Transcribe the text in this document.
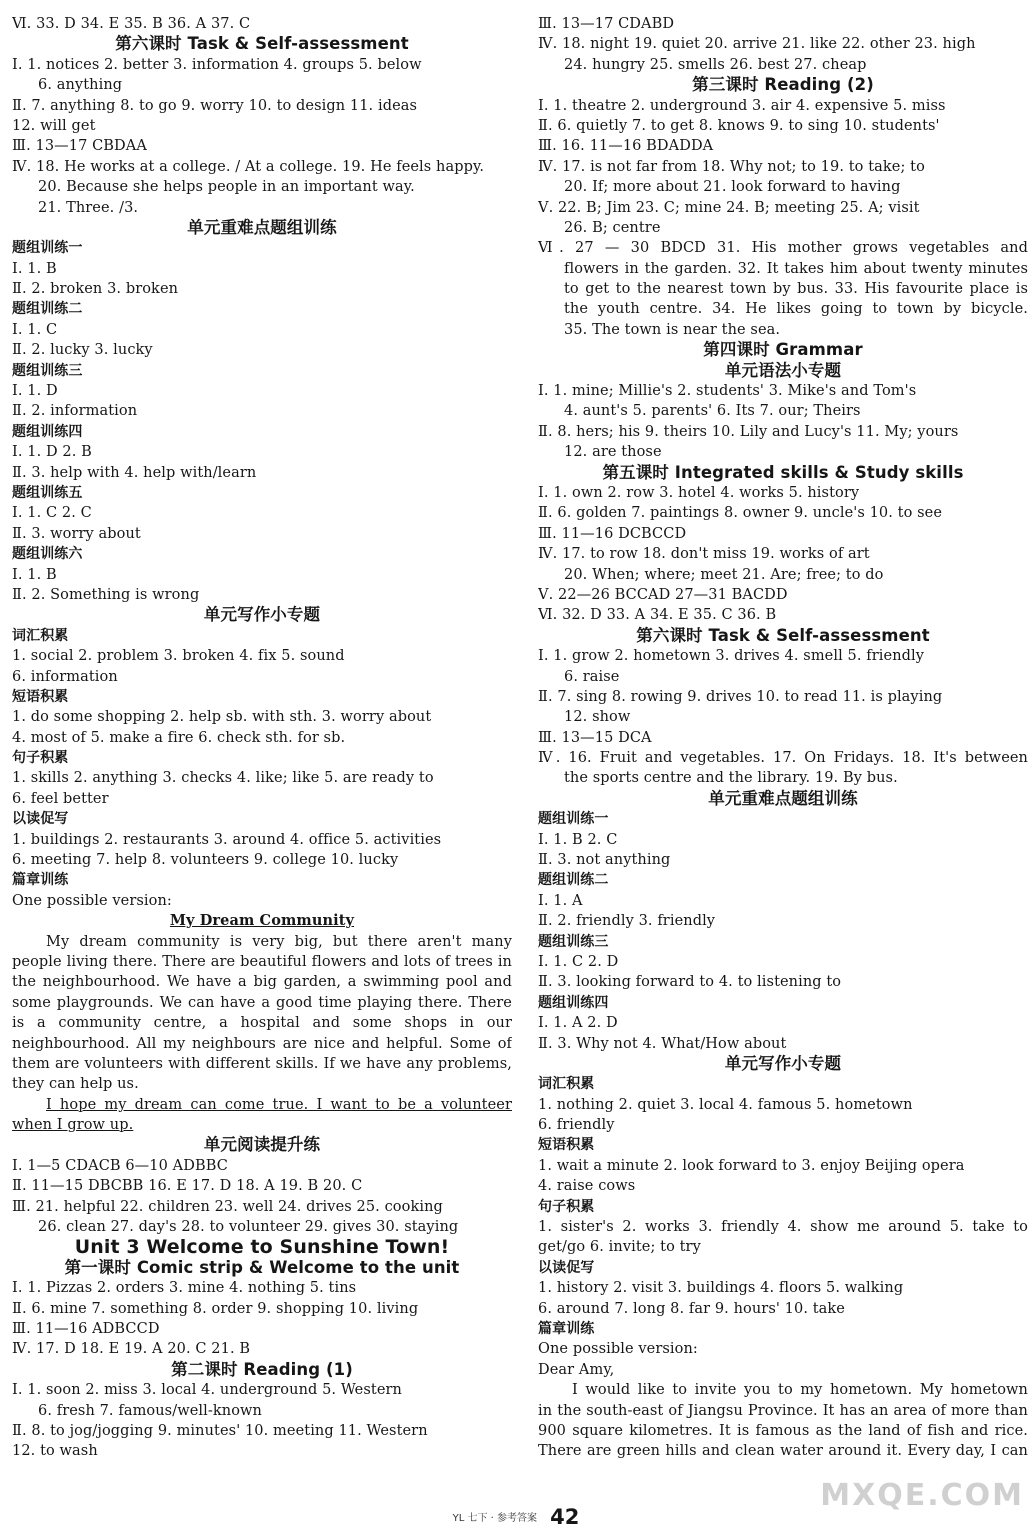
Ⅵ. 33. D 34. E 35. B 36. A 37. C
第六课时 Task & Self-assessment
Ⅰ. 1. notices 2. better 3. information 4. groups 5. below
6. anything
Ⅱ. 7. anything 8. to go 9. worry 10. to design 11. ideas
12. will get
Ⅲ. 13—17 CBDAA
Ⅳ. 18. He works at a college. / At a college. 19. He feels happy.
20. Because she helps people in an important way.
21. Three. /3.
单元重难点题组训练
题组训练一
Ⅰ. 1. B
Ⅱ. 2. broken 3. broken
题组训练二
Ⅰ. 1. C
Ⅱ. 2. lucky 3. lucky
题组训练三
Ⅰ. 1. D
Ⅱ. 2. information
题组训练四
Ⅰ. 1. D 2. B
Ⅱ. 3. help with 4. help with/learn
题组训练五
Ⅰ. 1. C 2. C
Ⅱ. 3. worry about
题组训练六
Ⅰ. 1. B
Ⅱ. 2. Something is wrong
单元写作小专题
词汇积累
1. social 2. problem 3. broken 4. fix 5. sound
6. information
短语积累
1. do some shopping 2. help sb. with sth. 3. worry about
4. most of 5. make a fire 6. check sth. for sb.
句子积累
1. skills 2. anything 3. checks 4. like; like 5. are ready to
6. feel better
以读促写
1. buildings 2. restaurants 3. around 4. office 5. activities
6. meeting 7. help 8. volunteers 9. college 10. lucky
篇章训练
One possible version:
My Dream Community
My dream community is very big, but there aren't many
people living there. There are beautiful flowers and lots of trees in
the neighbourhood. We have a big garden, a swimming pool and
some playgrounds. We can have a good time playing there. There
is a community centre, a hospital and some shops in our
neighbourhood. All my neighbours are nice and helpful. Some of
them are volunteers with different skills. If we have any problems,
they can help us.
I hope my dream can come true. I want to be a volunteer
when I grow up.
单元阅读提升练
Ⅰ. 1—5 CDACB 6—10 ADBBC
Ⅱ. 11—15 DBCBB 16. E 17. D 18. A 19. B 20. C
Ⅲ. 21. helpful 22. children 23. well 24. drives 25. cooking
26. clean 27. day's 28. to volunteer 29. gives 30. staying
Unit 3 Welcome to Sunshine Town!
第一课时 Comic strip & Welcome to the unit
Ⅰ. 1. Pizzas 2. orders 3. mine 4. nothing 5. tins
Ⅱ. 6. mine 7. something 8. order 9. shopping 10. living
Ⅲ. 11—16 ADBCCD
Ⅳ. 17. D 18. E 19. A 20. C 21. B
第二课时 Reading (1)
Ⅰ. 1. soon 2. miss 3. local 4. underground 5. Western
6. fresh 7. famous/well-known
Ⅱ. 8. to jog/jogging 9. minutes' 10. meeting 11. Western
12. to wash
Ⅲ. 13—17 CDABD
Ⅳ. 18. night 19. quiet 20. arrive 21. like 22. other 23. high
24. hungry 25. smells 26. best 27. cheap
第三课时 Reading (2)
Ⅰ. 1. theatre 2. underground 3. air 4. expensive 5. miss
Ⅱ. 6. quietly 7. to get 8. knows 9. to sing 10. students'
Ⅲ. 16. 11—16 BDADDA
Ⅳ. 17. is not far from 18. Why not; to 19. to take; to
20. If; more about 21. look forward to having
Ⅴ. 22. B; Jim 23. C; mine 24. B; meeting 25. A; visit
26. B; centre
Ⅵ. 27 — 30 BDCD 31. His mother grows vegetables and
flowers in the garden. 32. It takes him about twenty minutes
to get to the nearest town by bus. 33. His favourite place is
the youth centre. 34. He likes going to town by bicycle.
35. The town is near the sea.
第四课时 Grammar
单元语法小专题
Ⅰ. 1. mine; Millie's 2. students' 3. Mike's and Tom's
4. aunt's 5. parents' 6. Its 7. our; Theirs
Ⅱ. 8. hers; his 9. theirs 10. Lily and Lucy's 11. My; yours
12. are those
第五课时 Integrated skills & Study skills
Ⅰ. 1. own 2. row 3. hotel 4. works 5. history
Ⅱ. 6. golden 7. paintings 8. owner 9. uncle's 10. to see
Ⅲ. 11—16 DCBCCD
Ⅳ. 17. to row 18. don't miss 19. works of art
20. When; where; meet 21. Are; free; to do
Ⅴ. 22—26 BCCAD 27—31 BACDD
Ⅵ. 32. D 33. A 34. E 35. C 36. B
第六课时 Task & Self-assessment
Ⅰ. 1. grow 2. hometown 3. drives 4. smell 5. friendly
6. raise
Ⅱ. 7. sing 8. rowing 9. drives 10. to read 11. is playing
12. show
Ⅲ. 13—15 DCA
Ⅳ. 16. Fruit and vegetables. 17. On Fridays. 18. It's between
the sports centre and the library. 19. By bus.
单元重难点题组训练
题组训练一
Ⅰ. 1. B 2. C
Ⅱ. 3. not anything
题组训练二
Ⅰ. 1. A
Ⅱ. 2. friendly 3. friendly
题组训练三
Ⅰ. 1. C 2. D
Ⅱ. 3. looking forward to 4. to listening to
题组训练四
Ⅰ. 1. A 2. D
Ⅱ. 3. Why not 4. What/How about
单元写作小专题
词汇积累
1. nothing 2. quiet 3. local 4. famous 5. hometown
6. friendly
短语积累
1. wait a minute 2. look forward to 3. enjoy Beijing opera
4. raise cows
句子积累
1. sister's 2. works 3. friendly 4. show me around 5. take to
get/go 6. invite; to try
以读促写
1. history 2. visit 3. buildings 4. floors 5. walking
6. around 7. long 8. far 9. hours' 10. take
篇章训练
One possible version:
Dear Amy,
I would like to invite you to my hometown. My hometown
in the south-east of Jiangsu Province. It has an area of more than
900 square kilometres. It is famous as the land of fish and rice.
There are green hills and clean water around it. Every day, I can
YL 七下 · 参考答案 42
MXQE.COM
